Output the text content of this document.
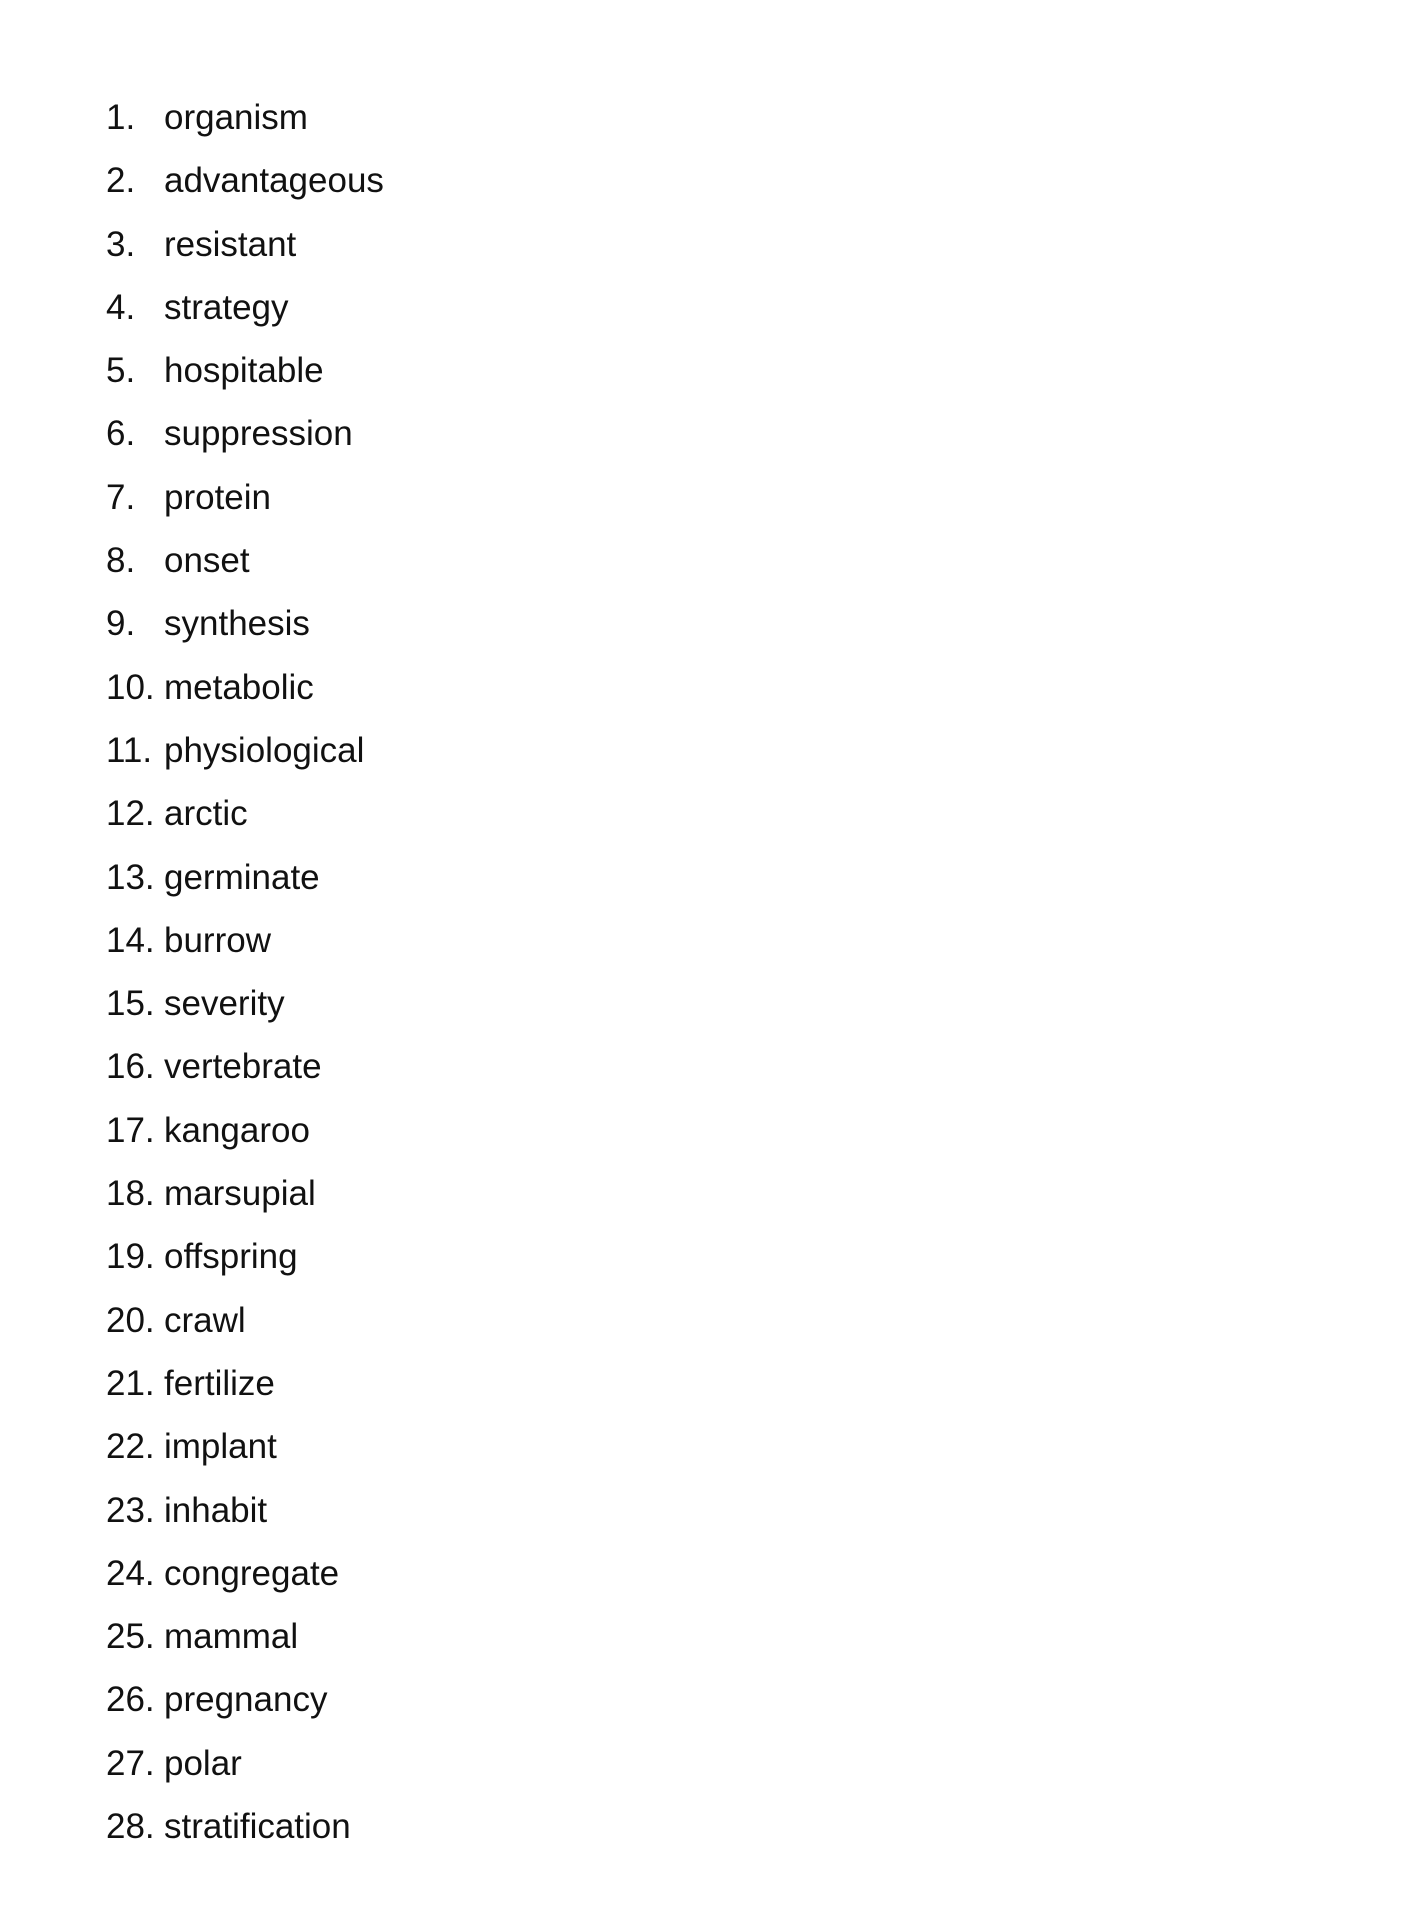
1. organism
2. advantageous
3. resistant
4. strategy
5. hospitable
6. suppression
7. protein
8. onset
9. synthesis
10. metabolic
11. physiological
12. arctic
13. germinate
14. burrow
15. severity
16. vertebrate
17. kangaroo
18. marsupial
19. offspring
20. crawl
21. fertilize
22. implant
23. inhabit
24. congregate
25. mammal
26. pregnancy
27. polar
28. stratification
